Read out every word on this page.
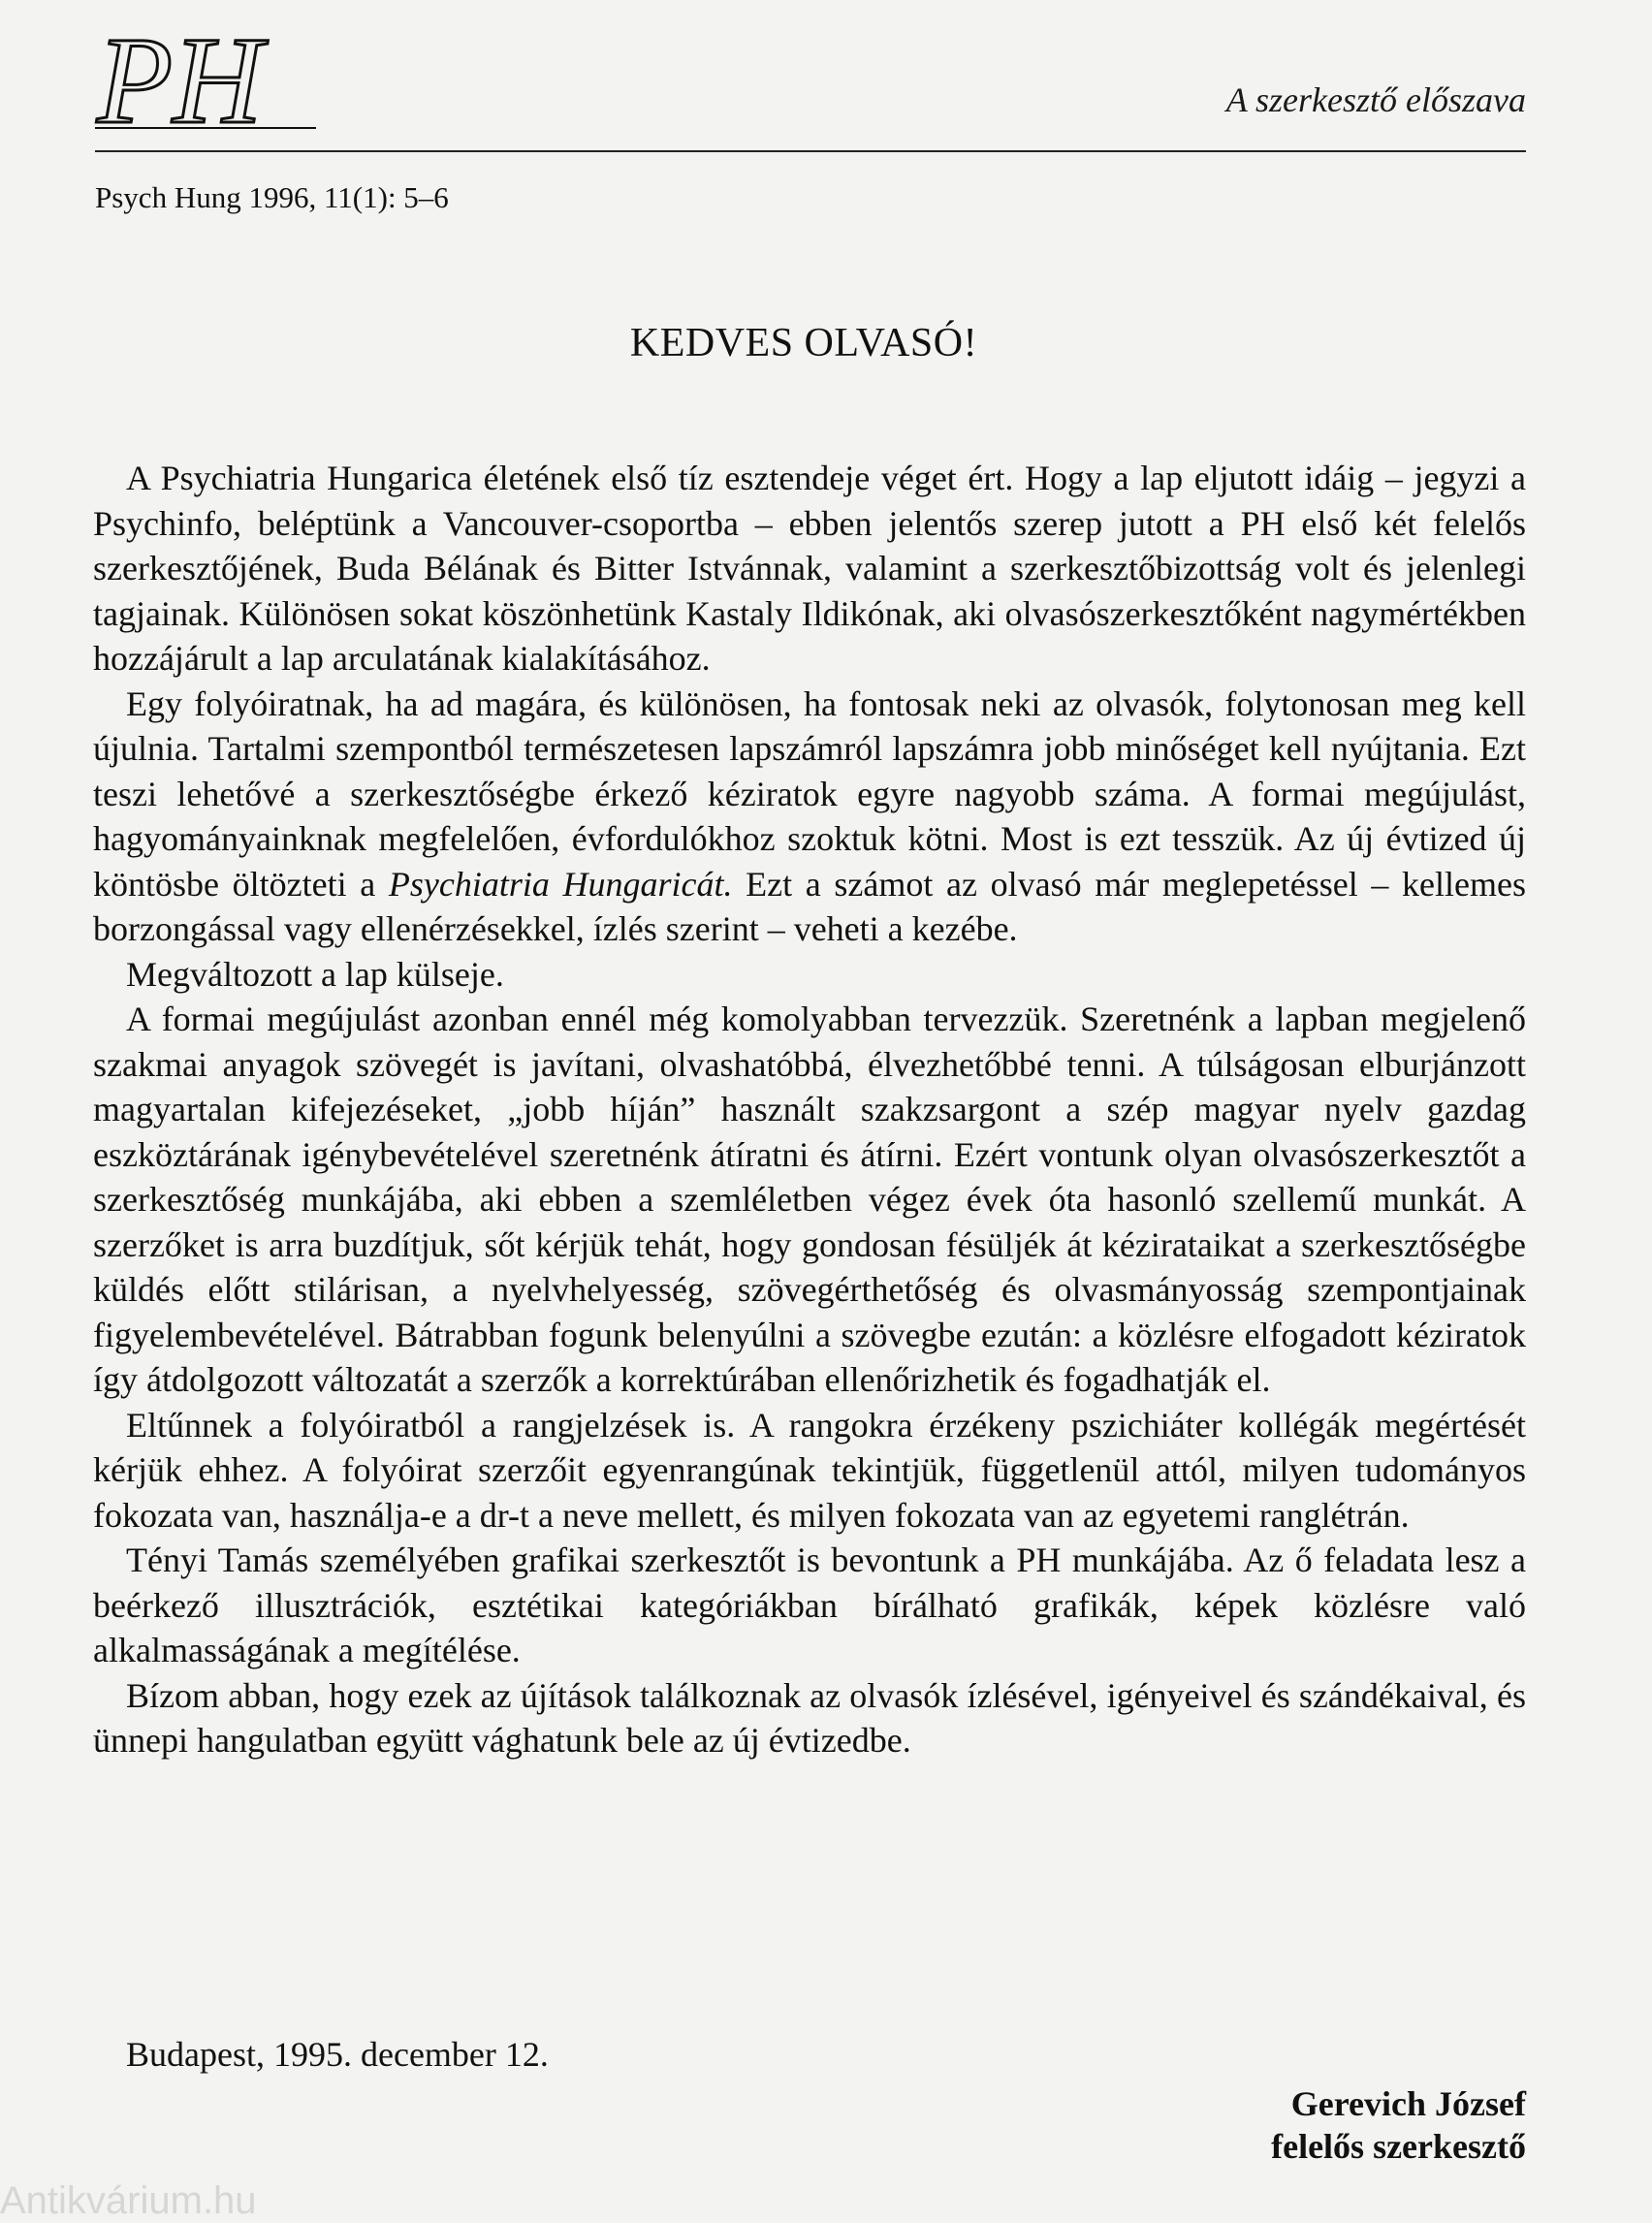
PH	A szerkesztő előszava
Psych Hung 1996, 11(1): 5–6
KEDVES OLVASÓ!

A Psychiatria Hungarica életének első tíz esztendeje véget ért. Hogy a lap eljutott idáig – jegyzi a Psychinfo, beléptünk a Vancouver-csoportba – ebben jelentős szerep jutott a PH első két felelős szerkesztőjének, Buda Bélának és Bitter Istvánnak, valamint a szerkesztőbizottság volt és jelenlegi tagjainak. Különösen sokat köszönhetünk Kastaly Ildikónak, aki olvasószerkesztőként nagymértékben hozzájárult a lap arculatának kialakításához.

Egy folyóiratnak, ha ad magára, és különösen, ha fontosak neki az olvasók, folytonosan meg kell újulnia. Tartalmi szempontból természetesen lapszámról lapszámra jobb minőséget kell nyújtania. Ezt teszi lehetővé a szerkesztőségbe érkező kéziratok egyre nagyobb száma. A formai megújulást, hagyományainknak megfelelően, évfordulókhoz szoktuk kötni. Most is ezt tesszük. Az új évtized új köntösbe öltözteti a Psychiatria Hungaricát. Ezt a számot az olvasó már meglepetéssel – kellemes borzongással vagy ellenérzésekkel, ízlés szerint – veheti a kezébe.

Megváltozott a lap külseje.

A formai megújulást azonban ennél még komolyabban tervezzük. Szeretnénk a lapban megjelenő szakmai anyagok szövegét is javítani, olvashatóbbá, élvezhetőbbé tenni. A túlságosan elburjánzott magyartalan kifejezéseket, „jobb híján” használt szakzsargont a szép magyar nyelv gazdag eszköztárának igénybevételével szeretnénk átíratni és átírni. Ezért vontunk olyan olvasószerkesztőt a szerkesztőség munkájába, aki ebben a szemléletben végez évek óta hasonló szellemű munkát. A szerzőket is arra buzdítjuk, sőt kérjük tehát, hogy gondosan fésüljék át kézirataikat a szerkesztőségbe küldés előtt stilárisan, a nyelvhelyesség, szövegérthetőség és olvasmányosság szempontjainak figyelembevételével. Bátrabban fogunk belenyúlni a szövegbe ezután: a közlésre elfogadott kéziratok így átdolgozott változatát a szerzők a korrektúrában ellenőrizhetik és fogadhatják el.

Eltűnnek a folyóiratból a rangjelzések is. A rangokra érzékeny pszichiáter kollégák megértését kérjük ehhez. A folyóirat szerzőit egyenrangúnak tekintjük, függetlenül attól, milyen tudományos fokozata van, használja-e a dr-t a neve mellett, és milyen fokozata van az egyetemi ranglétrán.

Tényi Tamás személyében grafikai szerkesztőt is bevontunk a PH munkájába. Az ő feladata lesz a beérkező illusztrációk, esztétikai kategóriákban bírálható grafikák, képek közlésre való alkalmasságának a megítélése.

Bízom abban, hogy ezek az újítások találkoznak az olvasók ízlésével, igényeivel és szándékaival, és ünnepi hangulatban együtt vághatunk bele az új évtizedbe.

Budapest, 1995. december 12.
Gerevich József
felelős szerkesztő
Antikvárium.hu
